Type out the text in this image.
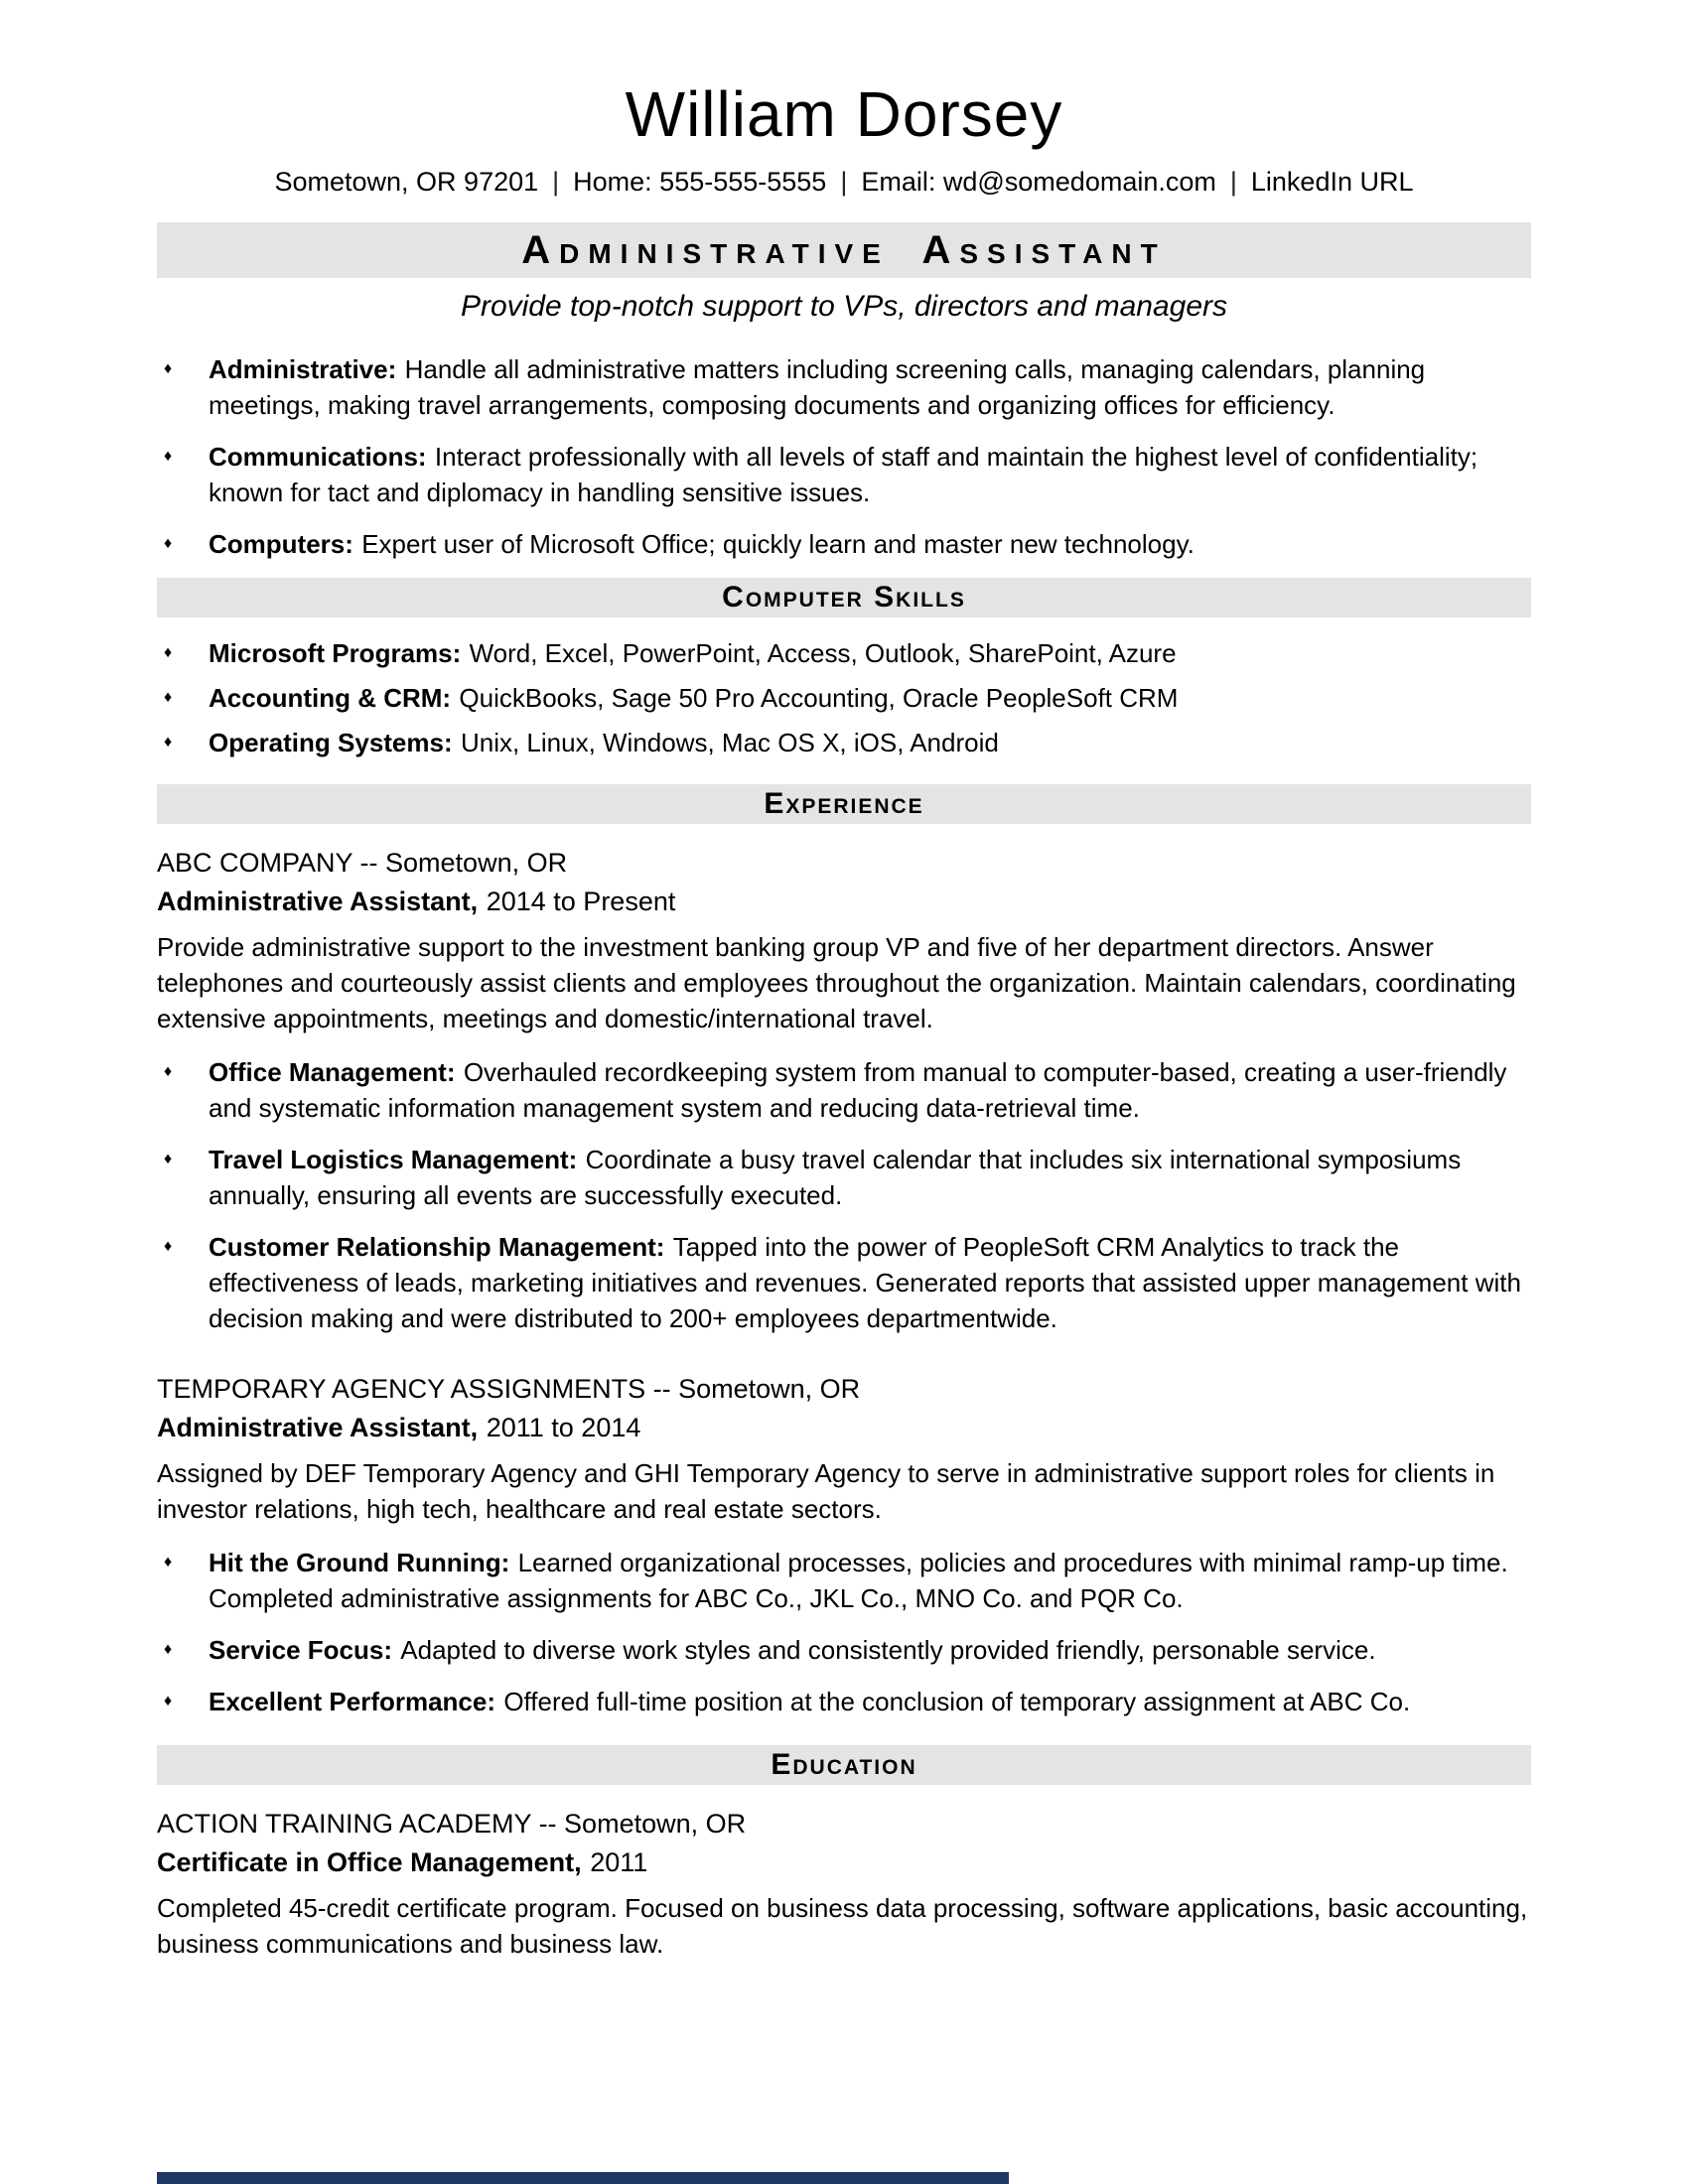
William Dorsey
Sometown, OR 97201 | Home: 555-555-5555 | Email: wd@somedomain.com | LinkedIn URL
Administrative Assistant
Provide top-notch support to VPs, directors and managers
♦	Administrative: Handle all administrative matters including screening calls, managing calendars, planning meetings, making travel arrangements, composing documents and organizing offices for efficiency.

♦	Communications: Interact professionally with all levels of staff and maintain the highest level of confidentiality; known for tact and diplomacy in handling sensitive issues.

♦	Computers: Expert user of Microsoft Office; quickly learn and master new technology.

Computer Skills
♦	Microsoft Programs: Word, Excel, PowerPoint, Access, Outlook, SharePoint, Azure

♦	Accounting & CRM: QuickBooks, Sage 50 Pro Accounting, Oracle PeopleSoft CRM

♦	Operating Systems: Unix, Linux, Windows, Mac OS X, iOS, Android

Experience
ABC COMPANY -- Sometown, OR
Administrative Assistant, 2014 to Present

Provide administrative support to the investment banking group VP and five of her department directors. Answer telephones and courteously assist clients and employees throughout the organization. Maintain calendars, coordinating extensive appointments, meetings and domestic/international travel.

♦	Office Management: Overhauled recordkeeping system from manual to computer-based, creating a user-friendly and systematic information management system and reducing data-retrieval time.

♦	Travel Logistics Management: Coordinate a busy travel calendar that includes six international symposiums annually, ensuring all events are successfully executed.

♦	Customer Relationship Management: Tapped into the power of PeopleSoft CRM Analytics to track the effectiveness of leads, marketing initiatives and revenues. Generated reports that assisted upper management with decision making and were distributed to 200+ employees departmentwide.

TEMPORARY AGENCY ASSIGNMENTS -- Sometown, OR
Administrative Assistant, 2011 to 2014

Assigned by DEF Temporary Agency and GHI Temporary Agency to serve in administrative support roles for clients in investor relations, high tech, healthcare and real estate sectors.

♦	Hit the Ground Running: Learned organizational processes, policies and procedures with minimal ramp-up time. Completed administrative assignments for ABC Co., JKL Co., MNO Co. and PQR Co.

♦	Service Focus: Adapted to diverse work styles and consistently provided friendly, personable service.

♦	Excellent Performance: Offered full-time position at the conclusion of temporary assignment at ABC Co.

Education
ACTION TRAINING ACADEMY -- Sometown, OR
Certificate in Office Management, 2011

Completed 45-credit certificate program. Focused on business data processing, software applications, basic accounting, business communications and business law.
